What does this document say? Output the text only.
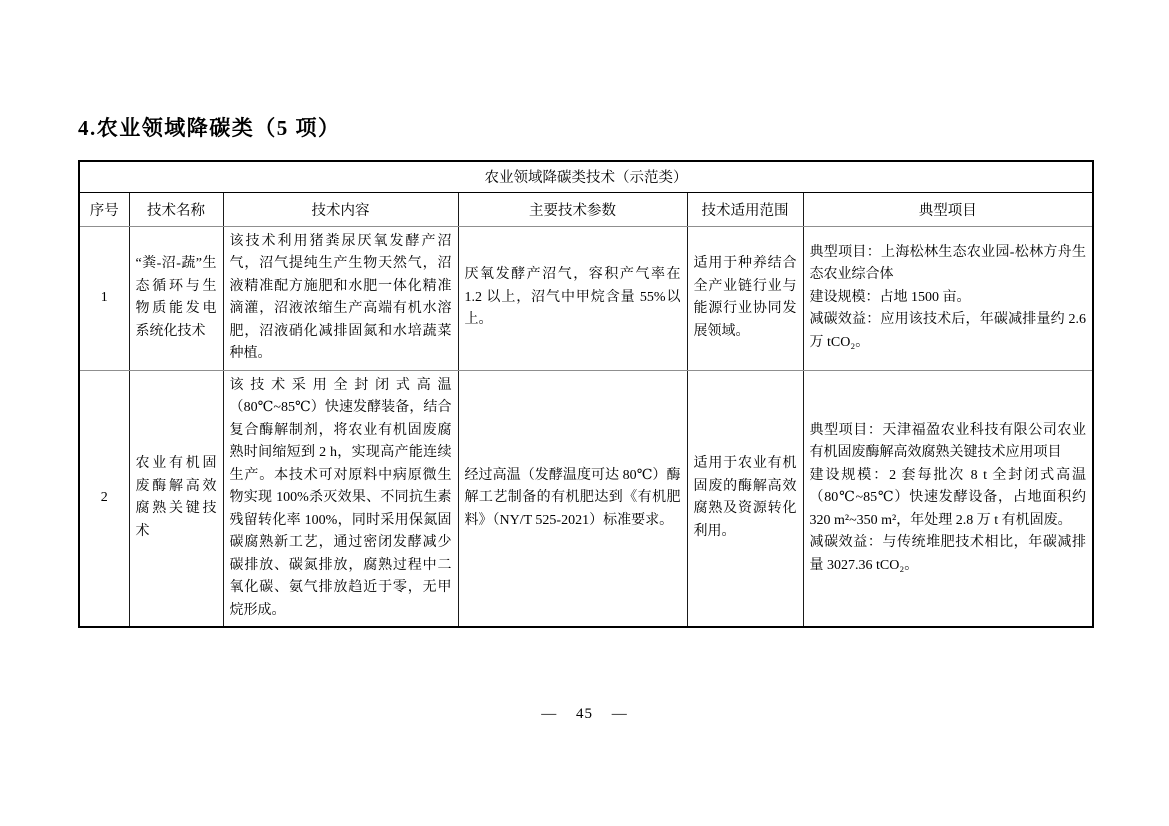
4.农业领域降碳类（5 项）
农业领域降碳类技术（示范类）					
序号	技术名称	技术内容	主要技术参数	技术适用范围	典型项目
1	“粪-沼-蔬”生态循环与生物质能发电系统化技术	该技术利用猪粪尿厌氧发酵产沼气，沼气提纯生产生物天然气，沼液精准配方施肥和水肥一体化精准滴灌，沼液浓缩生产高端有机水溶肥，沼液硝化减排固氮和水培蔬菜种植。	厌氧发酵产沼气，容积产气率在 1.2 以上，沼气中甲烷含量 55%以上。	适用于种养结合全产业链行业与能源行业协同发展领域。	典型项目：上海松林生态农业园-松林方舟生态农业综合体

建设规模：占地 1500 亩。

减碳效益：应用该技术后，年碳减排量约 2.6 万 tCO₂。

2	农业有机固废酶解高效腐熟关键技术	该技术采用全封闭式高温（80℃~85℃）快速发酵装备，结合复合酶解制剂，将农业有机固废腐熟时间缩短到 2 h，实现高产能连续生产。本技术可对原料中病原微生物实现 100%杀灭效果、不同抗生素残留转化率 100%，同时采用保氮固碳腐熟新工艺，通过密闭发酵减少碳排放、碳氮排放，腐熟过程中二氧化碳、氨气排放趋近于零，无甲烷形成。	经过高温（发酵温度可达 80℃）酶解工艺制备的有机肥达到《有机肥料》（NY/T 525-2021）标准要求。	适用于农业有机固废的酶解高效腐熟及资源转化利用。	典型项目：天津福盈农业科技有限公司农业有机固废酶解高效腐熟关键技术应用项目

建设规模：2 套每批次 8 t 全封闭式高温（80℃~85℃）快速发酵设备，占地面积约 320 m²~350 m²，年处理 2.8 万 t 有机固废。

减碳效益：与传统堆肥技术相比，年碳减排量 3027.36 tCO₂。

— 45 —
